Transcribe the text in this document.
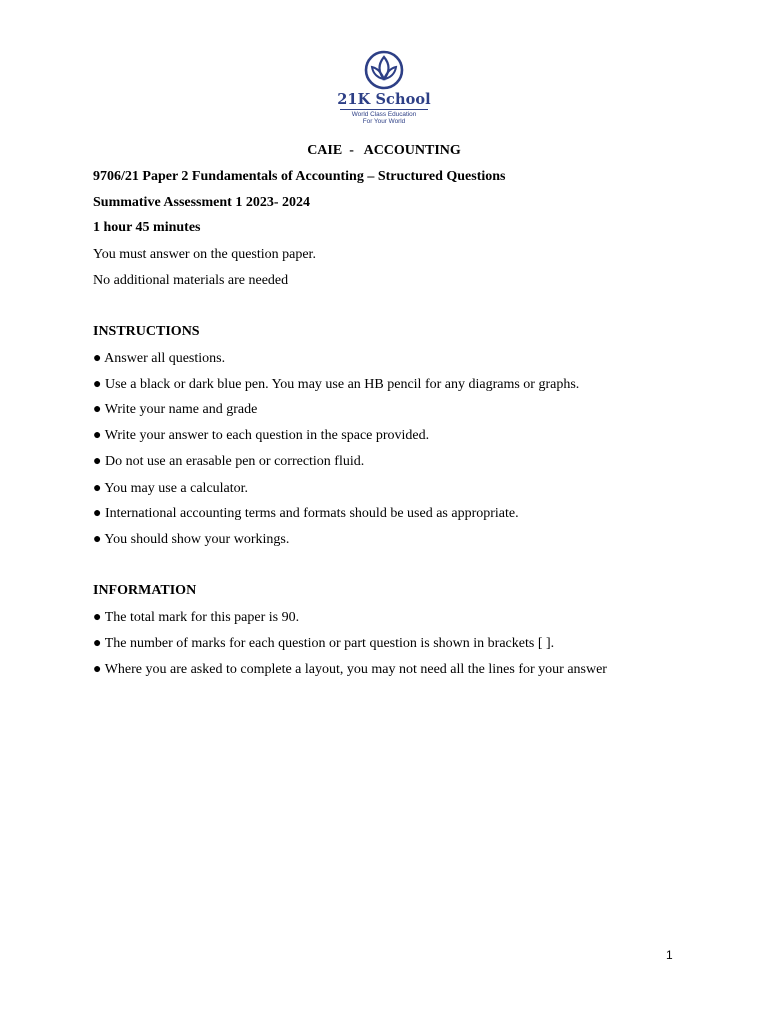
21K School
World Class Education
For Your World
CAIE  -   ACCOUNTING
9706/21 Paper 2 Fundamentals of Accounting – Structured Questions
Summative Assessment 1 2023- 2024
1 hour 45 minutes
You must answer on the question paper.
No additional materials are needed
INSTRUCTIONS
● Answer all questions.
● Use a black or dark blue pen. You may use an HB pencil for any diagrams or graphs.
● Write your name and grade
● Write your answer to each question in the space provided.
● Do not use an erasable pen or correction fluid.
● You may use a calculator.
● International accounting terms and formats should be used as appropriate.
● You should show your workings.
INFORMATION
● The total mark for this paper is 90.
● The number of marks for each question or part question is shown in brackets [ ].
● Where you are asked to complete a layout, you may not need all the lines for your answer
1
